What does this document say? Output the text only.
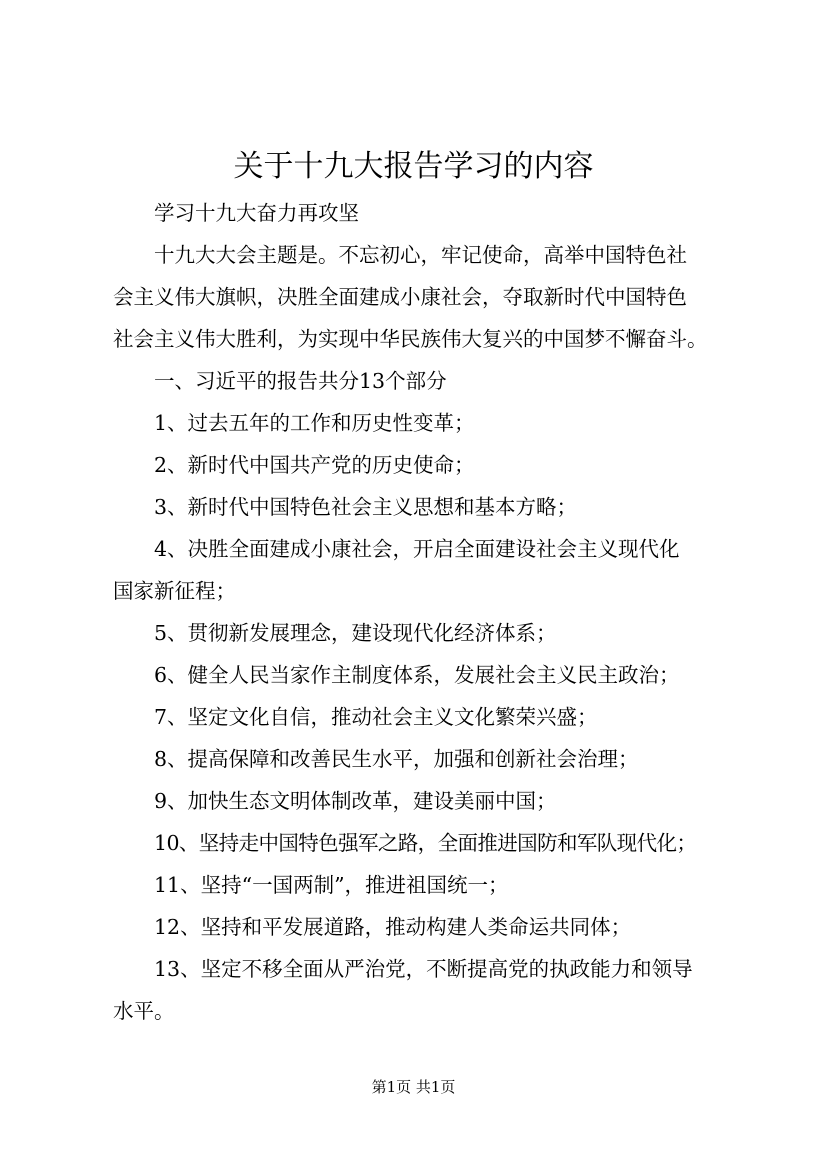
关于十九大报告学习的内容
学习十九大奋力再攻坚
十九大大会主题是。不忘初心，牢记使命，高举中国特色社
会主义伟大旗帜，决胜全面建成小康社会，夺取新时代中国特色
社会主义伟大胜利，为实现中华民族伟大复兴的中国梦不懈奋斗。
一、习近平的报告共分13个部分
1、过去五年的工作和历史性变革；
2、新时代中国共产党的历史使命；
3、新时代中国特色社会主义思想和基本方略；
4、决胜全面建成小康社会，开启全面建设社会主义现代化
国家新征程；
5、贯彻新发展理念，建设现代化经济体系；
6、健全人民当家作主制度体系，发展社会主义民主政治；
7、坚定文化自信，推动社会主义文化繁荣兴盛；
8、提高保障和改善民生水平，加强和创新社会治理；
9、加快生态文明体制改革，建设美丽中国；
10、坚持走中国特色强军之路，全面推进国防和军队现代化；
11、坚持“一国两制”，推进祖国统一；
12、坚持和平发展道路，推动构建人类命运共同体；
13、坚定不移全面从严治党，不断提高党的执政能力和领导
水平。
第1页 共1页
